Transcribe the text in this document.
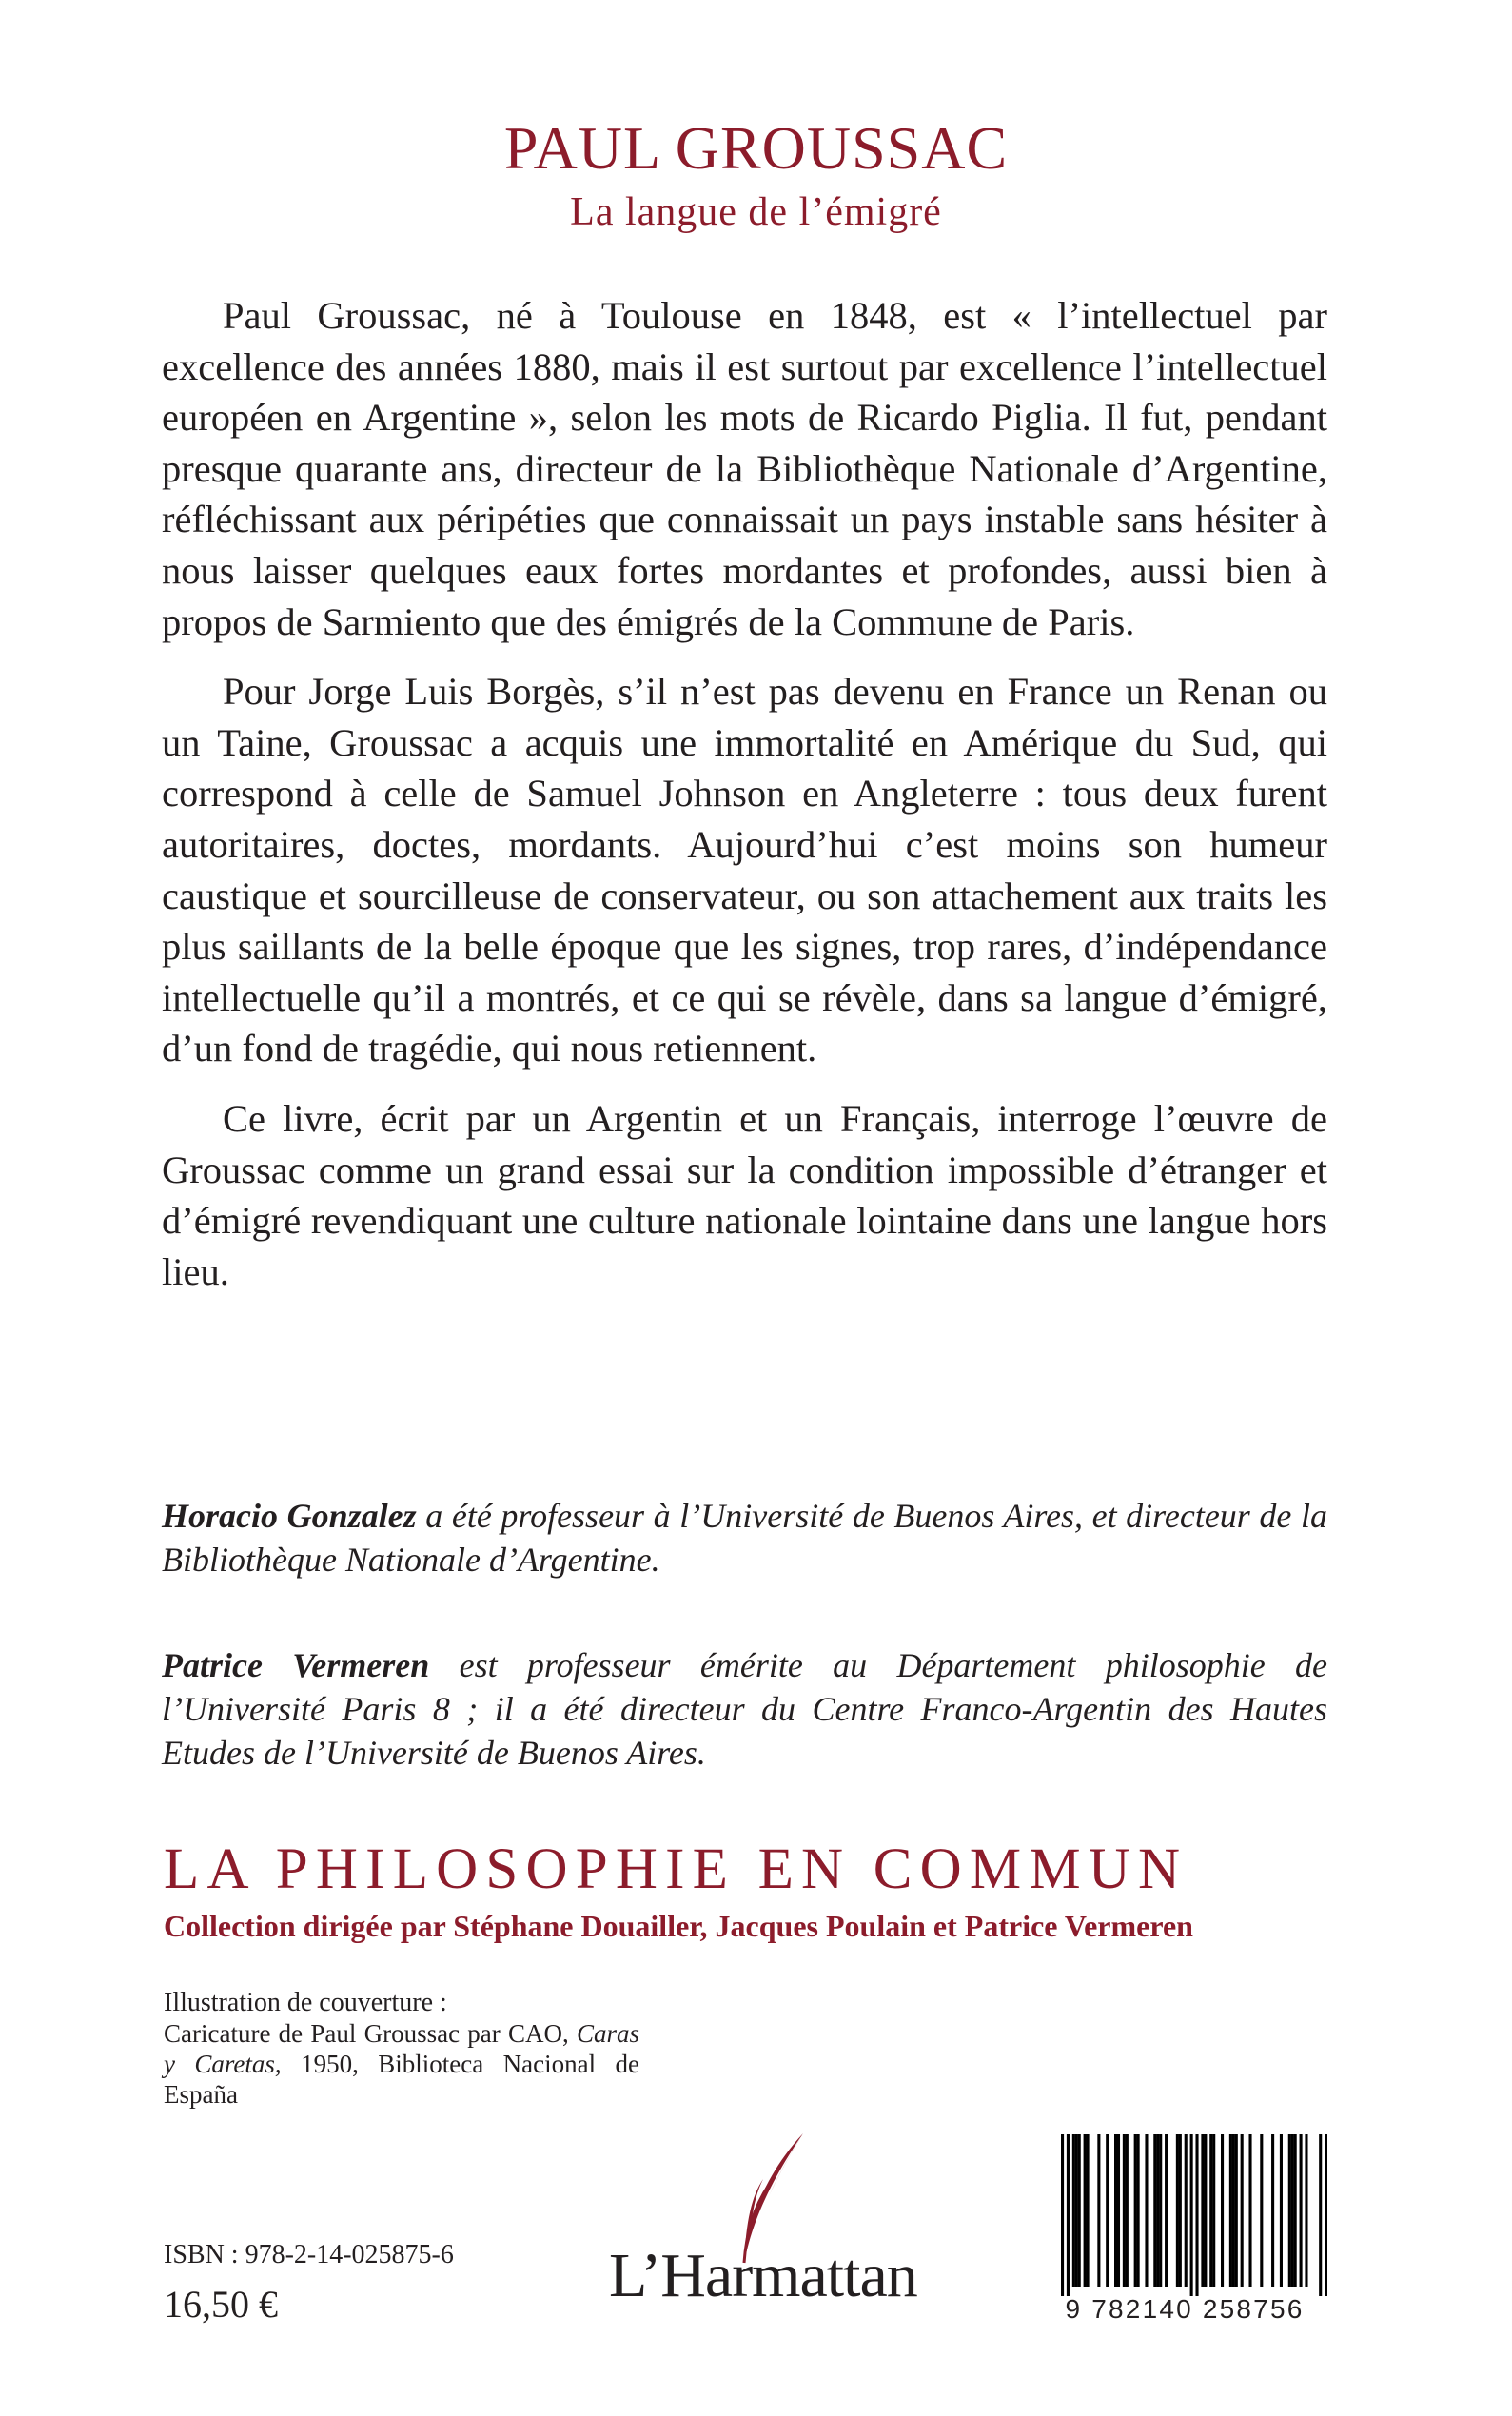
PAUL GROUSSAC
La langue de l’émigré

Paul Groussac, né à Toulouse en 1848, est « l’intellectuel par excellence des années 1880, mais il est surtout par excellence l’intellectuel européen en Argentine », selon les mots de Ricardo Piglia. Il fut, pendant presque quarante ans, directeur de la Bibliothèque Nationale d’Argentine, réfléchissant aux péripéties que connaissait un pays instable sans hésiter à nous laisser quelques eaux fortes mordantes et profondes, aussi bien à propos de Sarmiento que des émigrés de la Commune de Paris.

Pour Jorge Luis Borgès, s’il n’est pas devenu en France un Renan ou un Taine, Groussac a acquis une immortalité en Amérique du Sud, qui correspond à celle de Samuel Johnson en Angleterre : tous deux furent autoritaires, doctes, mordants. Aujourd’hui c’est moins son humeur caustique et sourcilleuse de conservateur, ou son attachement aux traits les plus saillants de la belle époque que les signes, trop rares, d’indépendance intellectuelle qu’il a montrés, et ce qui se révèle, dans sa langue d’émigré, d’un fond de tragédie, qui nous retiennent.

Ce livre, écrit par un Argentin et un Français, interroge l’œuvre de Groussac comme un grand essai sur la condition impossible d’étranger et d’émigré revendiquant une culture nationale lointaine dans une langue hors lieu.

Horacio Gonzalez a été professeur à l’Université de Buenos Aires, et directeur de la Bibliothèque Nationale d’Argentine.

Patrice Vermeren est professeur émérite au Département philosophie de l’Université Paris 8 ; il a été directeur du Centre Franco-Argentin des Hautes Etudes de l’Université de Buenos Aires.

LA PHILOSOPHIE EN COMMUN
Collection dirigée par Stéphane Douailler, Jacques Poulain et Patrice Vermeren
Illustration de couverture :
Caricature de Paul Groussac par CAO, Caras y Caretas, 1950, Biblioteca Nacional de España
ISBN : 978-2-14-025875-6
16,50 €	L’Harmattan	9 782140 258756
